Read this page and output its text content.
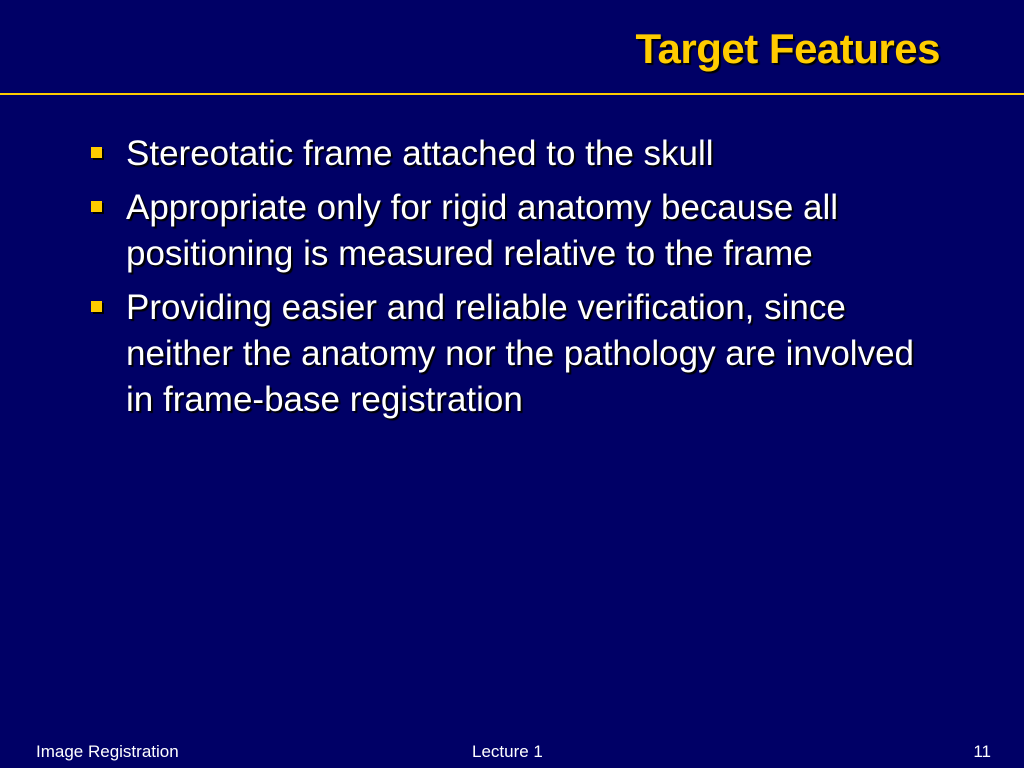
Target Features
Stereotatic frame attached to the skull
Appropriate only for rigid anatomy because all positioning is measured relative to the frame
Providing easier and reliable verification, since neither the anatomy nor the pathology are involved in frame-base registration
Image Registration	Lecture 1	11
